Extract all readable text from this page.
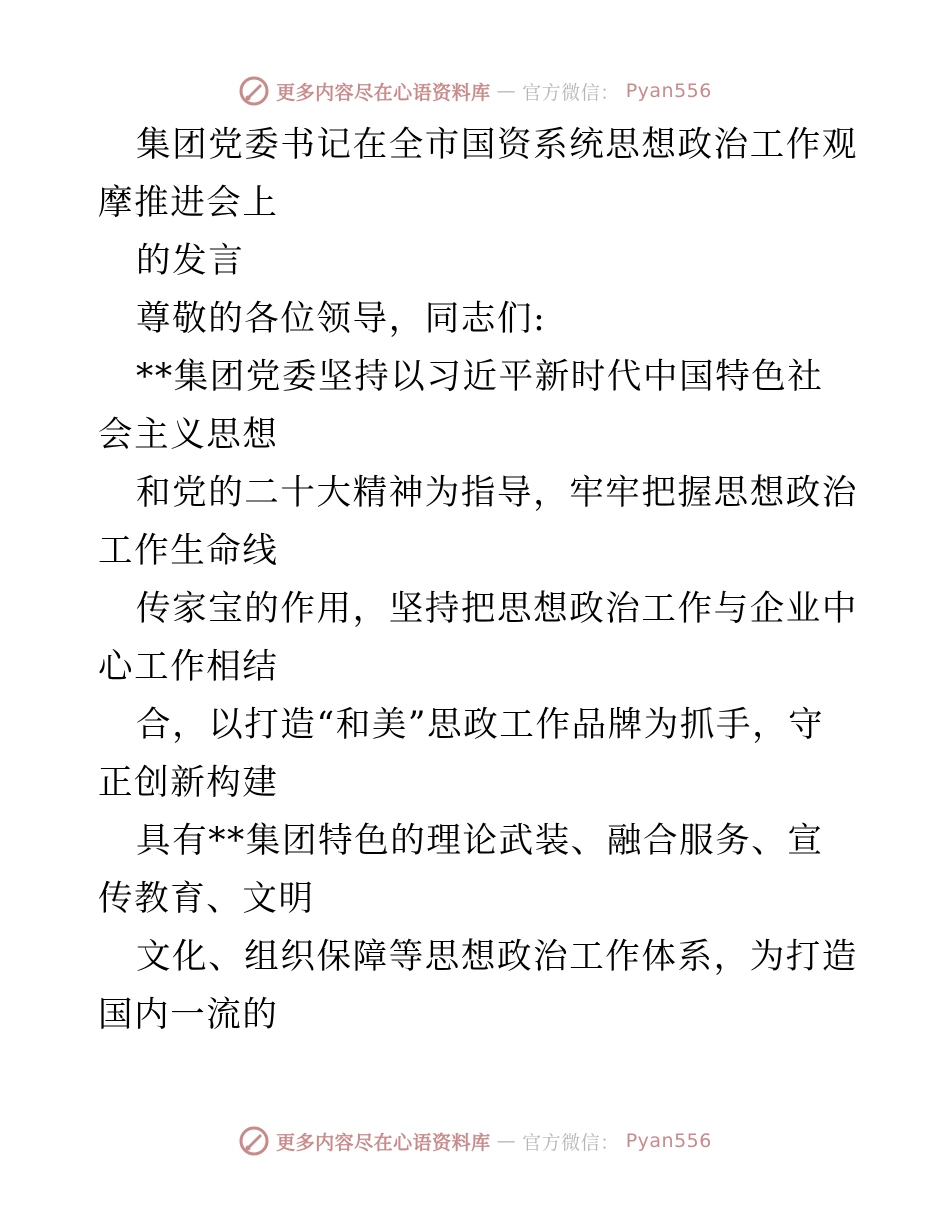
更多内容尽在心语资料库 — 官方微信： Pyan556

集团党委书记在全市国资系统思想政治工作观摩推进会上

的发言

尊敬的各位领导，同志们:

**集团党委坚持以习近平新时代中国特色社会主义思想

和党的二十大精神为指导，牢牢把握思想政治工作生命线

传家宝的作用，坚持把思想政治工作与企业中心工作相结

合，以打造“和美”思政工作品牌为抓手，守正创新构建

具有**集团特色的理论武装、融合服务、宣传教育、文明

文化、组织保障等思想政治工作体系，为打造国内一流的

更多内容尽在心语资料库 — 官方微信： Pyan556
